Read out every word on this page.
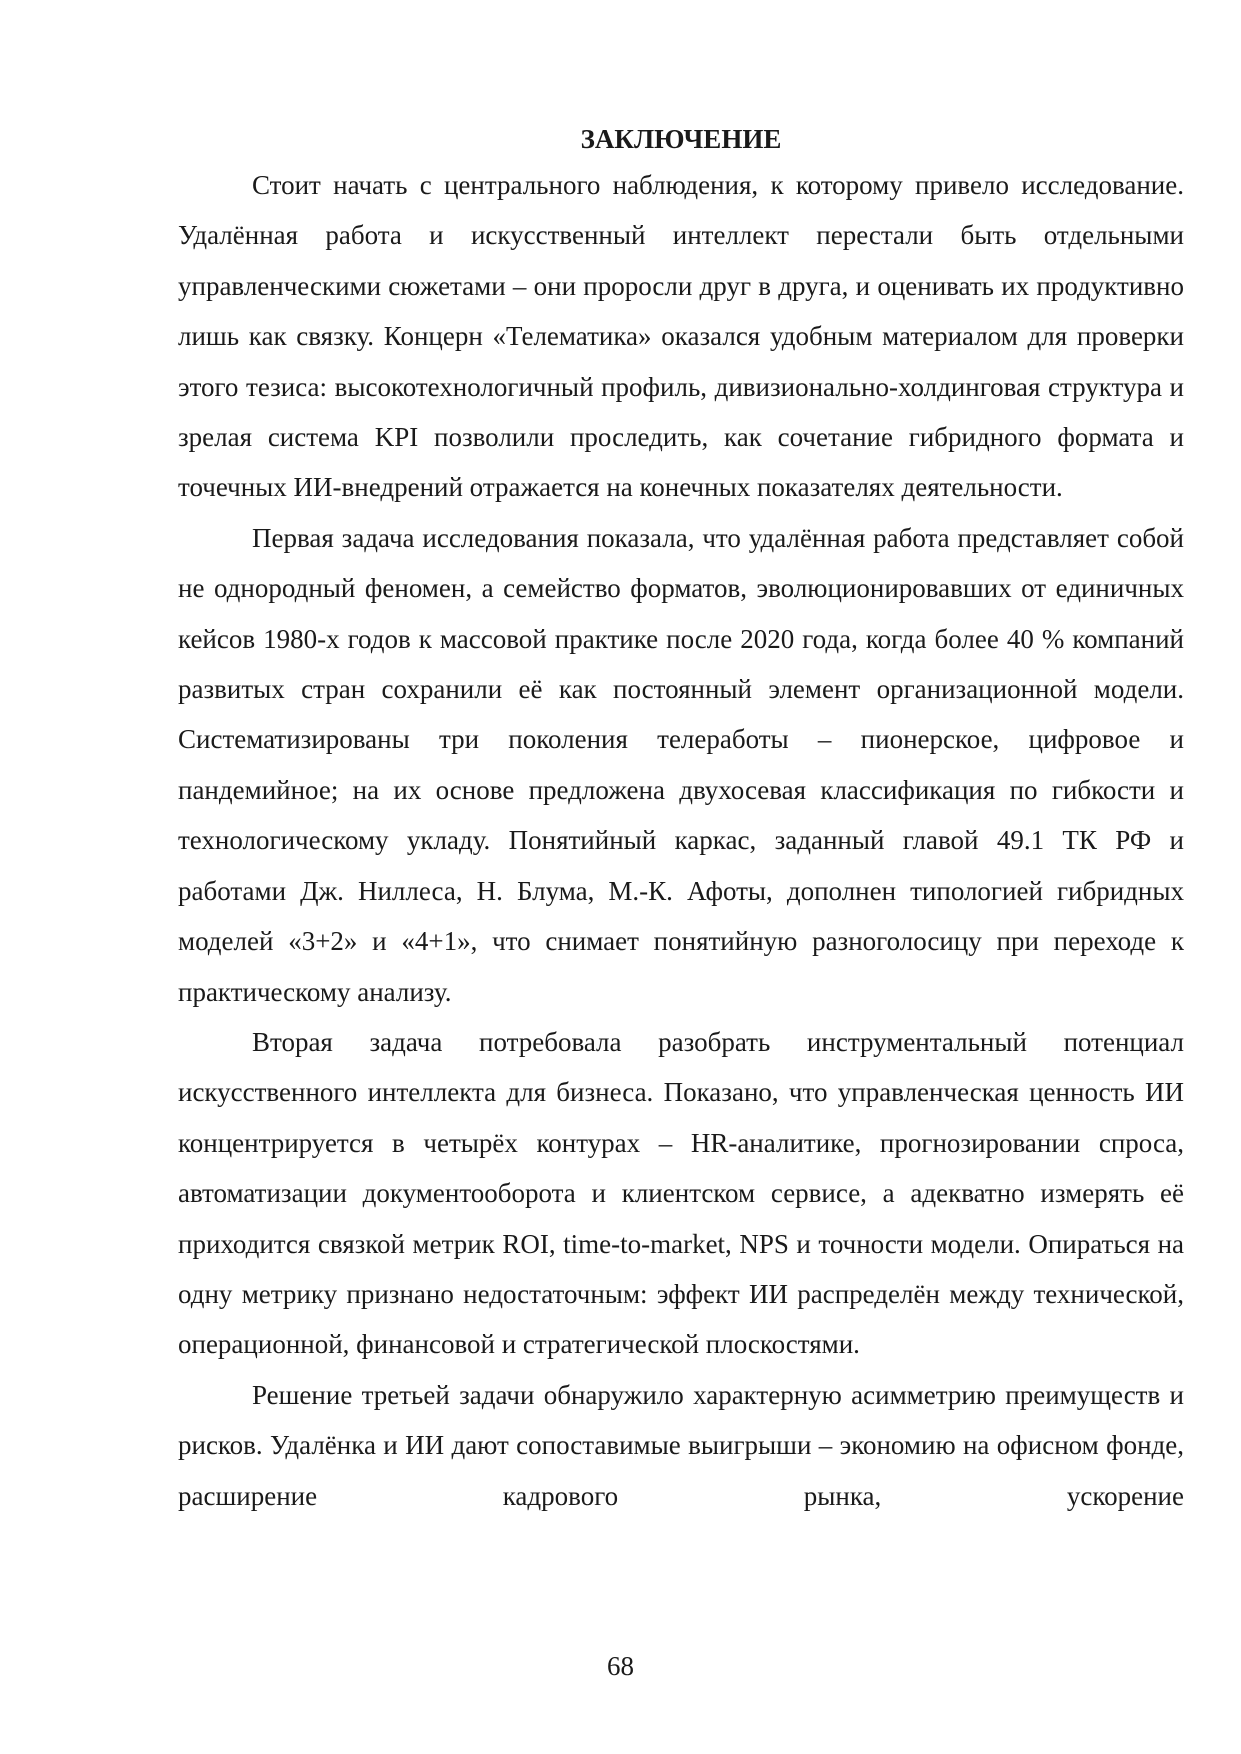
ЗАКЛЮЧЕНИЕ

Стоит начать с центрального наблюдения, к которому привело исследование. Удалённая работа и искусственный интеллект перестали быть отдельными управленческими сюжетами – они проросли друг в друга, и оценивать их продуктивно лишь как связку. Концерн «Телематика» оказался удобным материалом для проверки этого тезиса: высокотехнологичный профиль, дивизионально-холдинговая структура и зрелая система KPI позволили проследить, как сочетание гибридного формата и точечных ИИ-внедрений отражается на конечных показателях деятельности.

Первая задача исследования показала, что удалённая работа представляет собой не однородный феномен, а семейство форматов, эволюционировавших от единичных кейсов 1980-х годов к массовой практике после 2020 года, когда более 40 % компаний развитых стран сохранили её как постоянный элемент организационной модели. Систематизированы три поколения телеработы – пионерское, цифровое и пандемийное; на их основе предложена двухосевая классификация по гибкости и технологическому укладу. Понятийный каркас, заданный главой 49.1 ТК РФ и работами Дж. Ниллеса, Н. Блума, М.-К. Афоты, дополнен типологией гибридных моделей «3+2» и «4+1», что снимает понятийную разноголосицу при переходе к практическому анализу.

Вторая задача потребовала разобрать инструментальный потенциал искусственного интеллекта для бизнеса. Показано, что управленческая ценность ИИ концентрируется в четырёх контурах – HR-аналитике, прогнозировании спроса, автоматизации документооборота и клиентском сервисе, а адекватно измерять её приходится связкой метрик ROI, time-to-market, NPS и точности модели. Опираться на одну метрику признано недостаточным: эффект ИИ распределён между технической, операционной, финансовой и стратегической плоскостями.

Решение третьей задачи обнаружило характерную асимметрию преимуществ и рисков. Удалёнка и ИИ дают сопоставимые выигрыши – экономию на офисном фонде, расширение кадрового рынка, ускорение

68
